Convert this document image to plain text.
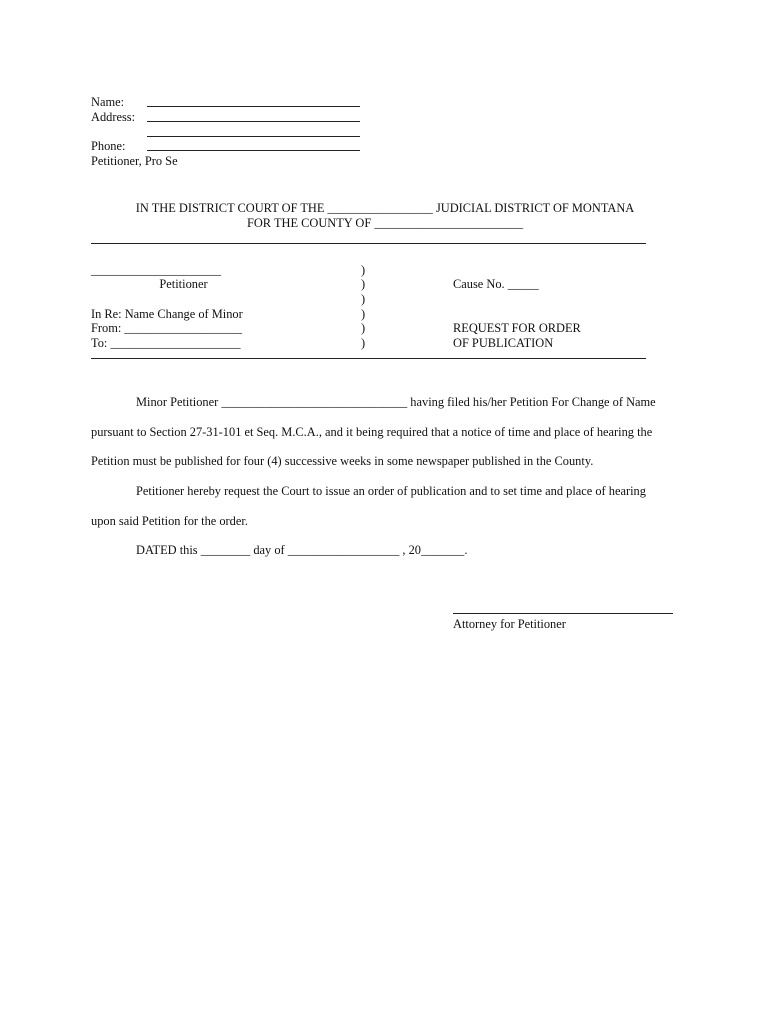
Name:
Address:
Phone:
Petitioner, Pro Se
IN THE DISTRICT COURT OF THE _________________ JUDICIAL DISTRICT OF MONTANA
FOR THE COUNTY OF ________________________
_____________________
Petitioner
In Re: Name Change of Minor
From: ___________________
To: _____________________
)
)
)
)
)
)
Cause No. _____
REQUEST FOR ORDER
OF PUBLICATION
Minor Petitioner ______________________________ having filed his/her Petition For Change of Name
pursuant to Section 27-31-101 et Seq. M.C.A., and it being required that a notice of time and place of hearing the
Petition must be published for four (4) successive weeks in some newspaper published in the County.
Petitioner hereby request the Court to issue an order of publication and to set time and place of hearing
upon said Petition for the order.
DATED this ________ day of __________________ , 20_______.
Attorney for Petitioner
